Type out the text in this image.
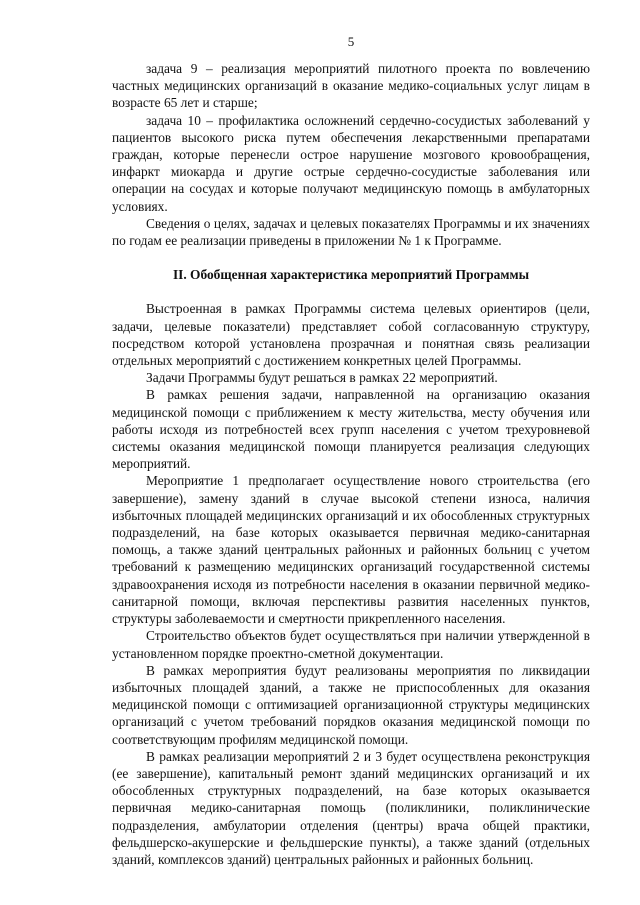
5

задача 9 – реализация мероприятий пилотного проекта по вовлечению частных медицинских организаций в оказание медико-социальных услуг лицам в возрасте 65 лет и старше;

задача 10 – профилактика осложнений сердечно-сосудистых заболеваний у пациентов высокого риска путем обеспечения лекарственными препаратами граждан, которые перенесли острое нарушение мозгового кровообращения, инфаркт миокарда и другие острые сердечно-сосудистые заболевания или операции на сосудах и которые получают медицинскую помощь в амбулаторных условиях.

Сведения о целях, задачах и целевых показателях Программы и их значениях по годам ее реализации приведены в приложении № 1 к Программе.

II. Обобщенная характеристика мероприятий Программы

Выстроенная в рамках Программы система целевых ориентиров (цели, задачи, целевые показатели) представляет собой согласованную структуру, посредством которой установлена прозрачная и понятная связь реализации отдельных мероприятий с достижением конкретных целей Программы.

Задачи Программы будут решаться в рамках 22 мероприятий.

В рамках решения задачи, направленной на организацию оказания медицинской помощи с приближением к месту жительства, месту обучения или работы исходя из потребностей всех групп населения с учетом трехуровневой системы оказания медицинской помощи планируется реализация следующих мероприятий.

Мероприятие 1 предполагает осуществление нового строительства (его завершение), замену зданий в случае высокой степени износа, наличия избыточных площадей медицинских организаций и их обособленных структурных подразделений, на базе которых оказывается первичная медико-санитарная помощь, а также зданий центральных районных и районных больниц с учетом требований к размещению медицинских организаций государственной системы здравоохранения исходя из потребности населения в оказании первичной медико-санитарной помощи, включая перспективы развития населенных пунктов, структуры заболеваемости и смертности прикрепленного населения.

Строительство объектов будет осуществляться при наличии утвержденной в установленном порядке проектно-сметной документации.

В рамках мероприятия будут реализованы мероприятия по ликвидации избыточных площадей зданий, а также не приспособленных для оказания медицинской помощи с оптимизацией организационной структуры медицинских организаций с учетом требований порядков оказания медицинской помощи по соответствующим профилям медицинской помощи.

В рамках реализации мероприятий 2 и 3 будет осуществлена реконструкция (ее завершение), капитальный ремонт зданий медицинских организаций и их обособленных структурных подразделений, на базе которых оказывается первичная медико-санитарная помощь (поликлиники, поликлинические подразделения, амбулатории отделения (центры) врача общей практики, фельдшерско-акушерские и фельдшерские пункты), а также зданий (отдельных зданий, комплексов зданий) центральных районных и районных больниц.
